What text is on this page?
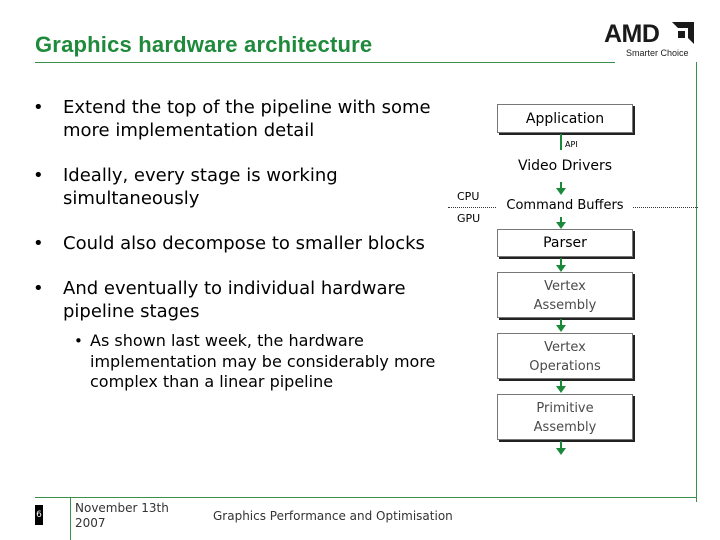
Graphics hardware architecture	AMD
Smarter Choice
• Extend the top of the pipeline with some more implementation detail
• Ideally, every stage is working simultaneously
• Could also decompose to smaller blocks
• And eventually to individual hardware pipeline stages
• As shown last week, the hardware implementation may be considerably more complex than a linear pipeline
CPU
GPU
Application
API
Video Drivers
Command Buffers
Parser
Vertex Assembly
Vertex Operations
Primitive Assembly
6	November 13th 2007	Graphics Performance and Optimisation
